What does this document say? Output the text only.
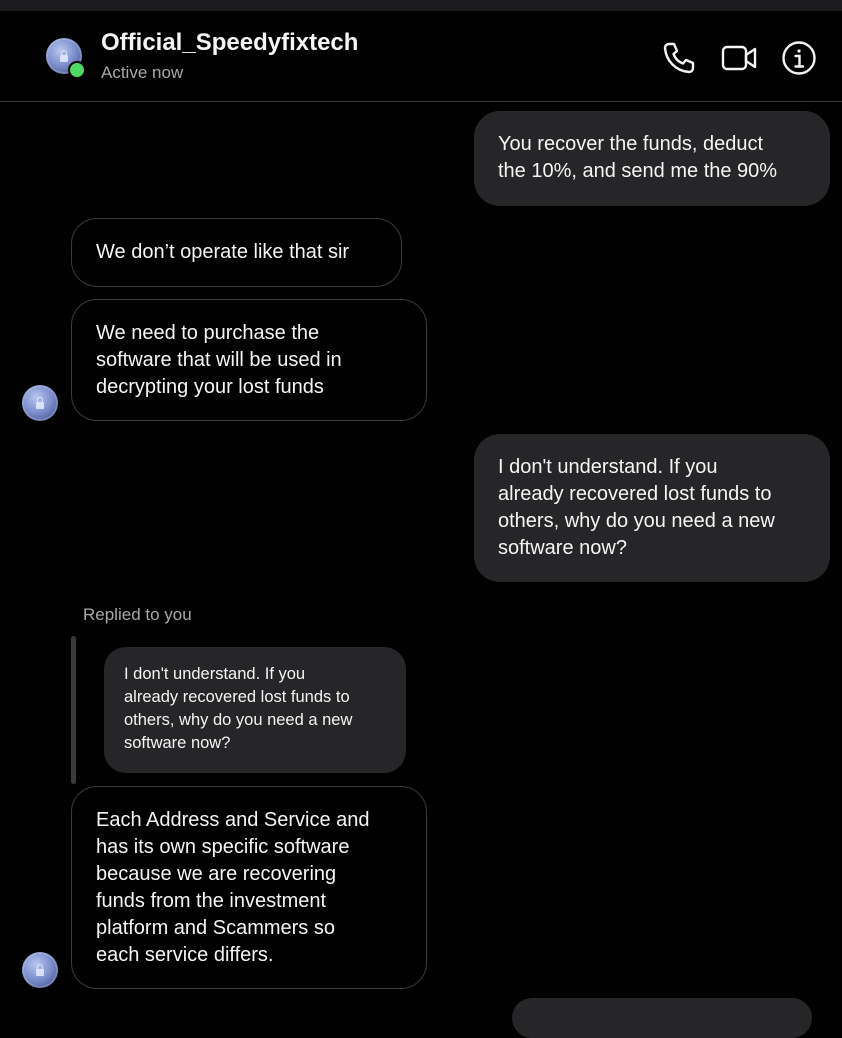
Official_Speedyfixtech
Active now
You recover the funds, deduct
the 10%, and send me the 90%
We don’t operate like that sir
We need to purchase the
software that will be used in
decrypting your lost funds
I don't understand. If you
already recovered lost funds to
others, why do you need a new
software now?
Replied to you
I don't understand. If you
already recovered lost funds to
others, why do you need a new
software now?
Each Address and Service and
has its own specific software
because we are recovering
funds from the investment
platform and Scammers so
each service differs.
